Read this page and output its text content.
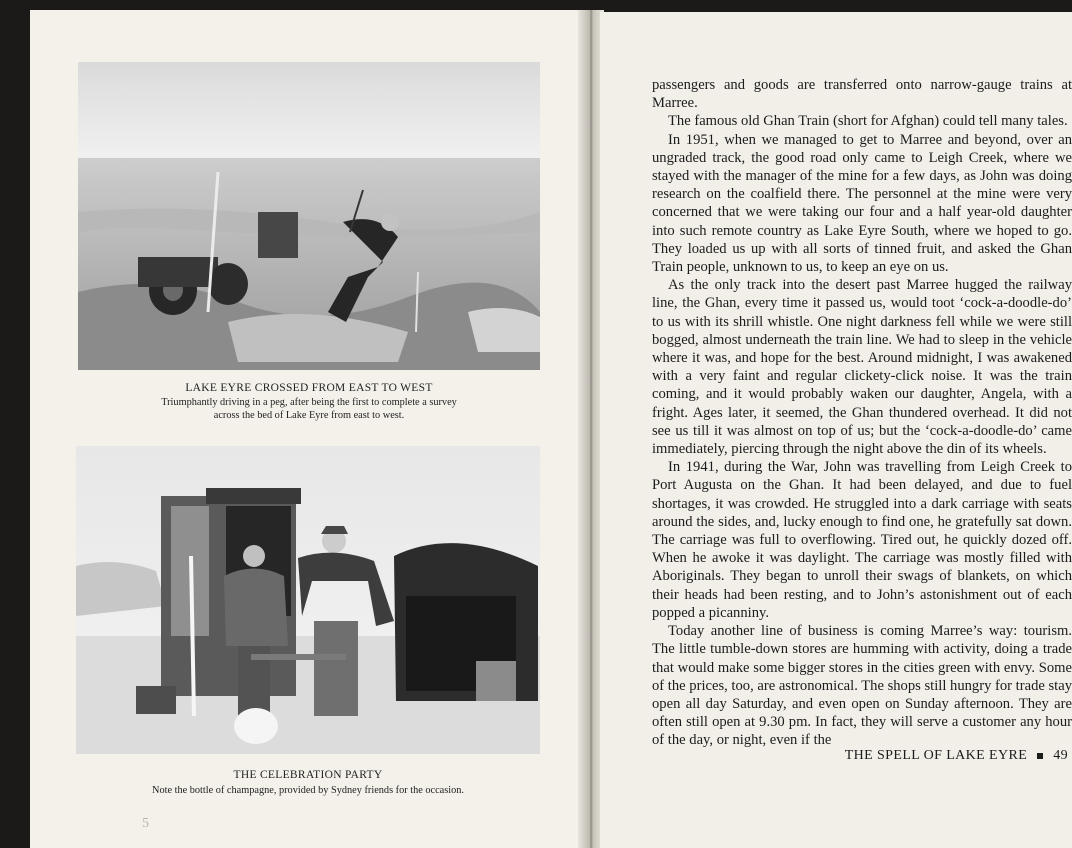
LAKE EYRE CROSSED FROM EAST TO WEST
Triumphantly driving in a peg, after being the first to complete a survey
across the bed of Lake Eyre from east to west.
THE CELEBRATION PARTY
Note the bottle of champagne, provided by Sydney friends for the occasion.
5

passengers and goods are transferred onto narrow-gauge trains at Marree.

The famous old Ghan Train (short for Afghan) could tell many tales.

In 1951, when we managed to get to Marree and beyond, over an ungraded track, the good road only came to Leigh Creek, where we stayed with the manager of the mine for a few days, as John was doing research on the coalfield there. The personnel at the mine were very concerned that we were taking our four and a half year-old daughter into such remote country as Lake Eyre South, where we hoped to go. They loaded us up with all sorts of tinned fruit, and asked the Ghan Train people, unknown to us, to keep an eye on us.

As the only track into the desert past Marree hugged the railway line, the Ghan, every time it passed us, would toot ‘cock-a-doodle-do’ to us with its shrill whistle. One night darkness fell while we were still bogged, almost underneath the train line. We had to sleep in the vehicle where it was, and hope for the best. Around midnight, I was awakened with a very faint and regular clickety-click noise. It was the train coming, and it would probably waken our daughter, Angela, with a fright. Ages later, it seemed, the Ghan thundered overhead. It did not see us till it was almost on top of us; but the ‘cock-a-doodle-do’ came immediately, piercing through the night above the din of its wheels.

In 1941, during the War, John was travelling from Leigh Creek to Port Augusta on the Ghan. It had been delayed, and due to fuel shortages, it was crowded. He struggled into a dark carriage with seats around the sides, and, lucky enough to find one, he gratefully sat down. The carriage was full to overflowing. Tired out, he quickly dozed off. When he awoke it was daylight. The carriage was mostly filled with Aboriginals. They began to unroll their swags of blankets, on which their heads had been resting, and to John’s astonishment out of each popped a picanniny.

Today another line of business is coming Marree’s way: tourism. The little tumble-down stores are humming with activity, doing a trade that would make some bigger stores in the cities green with envy. Some of the prices, too, are astronomical. The shops still hungry for trade stay open all day Saturday, and even open on Sunday afternoon. They are often still open at 9.30 pm. In fact, they will serve a customer any hour of the day, or night, even if the

THE SPELL OF LAKE EYRE 49
